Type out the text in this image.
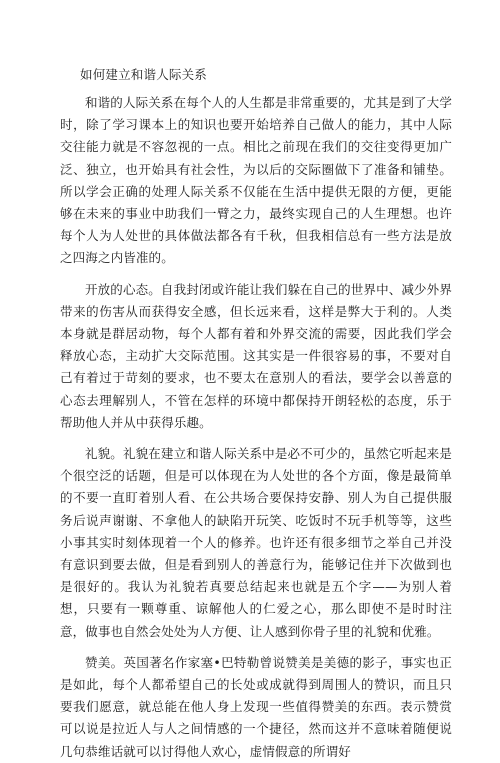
如何建立和谐人际关系

和谐的人际关系在每个人的人生都是非常重要的，尤其是到了大学时，除了学习课本上的知识也要开始培养自己做人的能力，其中人际交往能力就是不容忽视的一点。相比之前现在我们的交往变得更加广泛、独立，也开始具有社会性，为以后的交际圈做下了准备和铺垫。所以学会正确的处理人际关系不仅能在生活中提供无限的方便，更能够在未来的事业中助我们一臂之力，最终实现自己的人生理想。也许每个人为人处世的具体做法都各有千秋，但我相信总有一些方法是放之四海之内皆准的。

开放的心态。自我封闭或许能让我们躲在自己的世界中、减少外界带来的伤害从而获得安全感，但长远来看，这样是弊大于利的。人类本身就是群居动物，每个人都有着和外界交流的需要，因此我们学会释放心态，主动扩大交际范围。这其实是一件很容易的事，不要对自己有着过于苛刻的要求，也不要太在意别人的看法，要学会以善意的心态去理解别人，不管在怎样的环境中都保持开朗轻松的态度，乐于帮助他人并从中获得乐趣。

礼貌。礼貌在建立和谐人际关系中是必不可少的，虽然它听起来是个很空泛的话题，但是可以体现在为人处世的各个方面，像是最简单的不要一直盯着别人看、在公共场合要保持安静、别人为自己提供服务后说声谢谢、不拿他人的缺陷开玩笑、吃饭时不玩手机等等，这些小事其实时刻体现着一个人的修养。也许还有很多细节之举自己并没有意识到要去做，但是看到别人的善意行为，能够记住并下次做到也是很好的。我认为礼貌若真要总结起来也就是五个字——为别人着想，只要有一颗尊重、谅解他人的仁爱之心，那么即使不是时时注意，做事也自然会处处为人方便、让人感到你骨子里的礼貌和优雅。

赞美。英国著名作家塞•巴特勒曾说赞美是美德的影子，事实也正是如此，每个人都希望自己的长处或成就得到周围人的赞识，而且只要我们愿意，就总能在他人身上发现一些值得赞美的东西。表示赞赏可以说是拉近人与人之间情感的一个捷径，然而这并不意味着随便说几句恭维话就可以讨得他人欢心，虚情假意的所谓好
